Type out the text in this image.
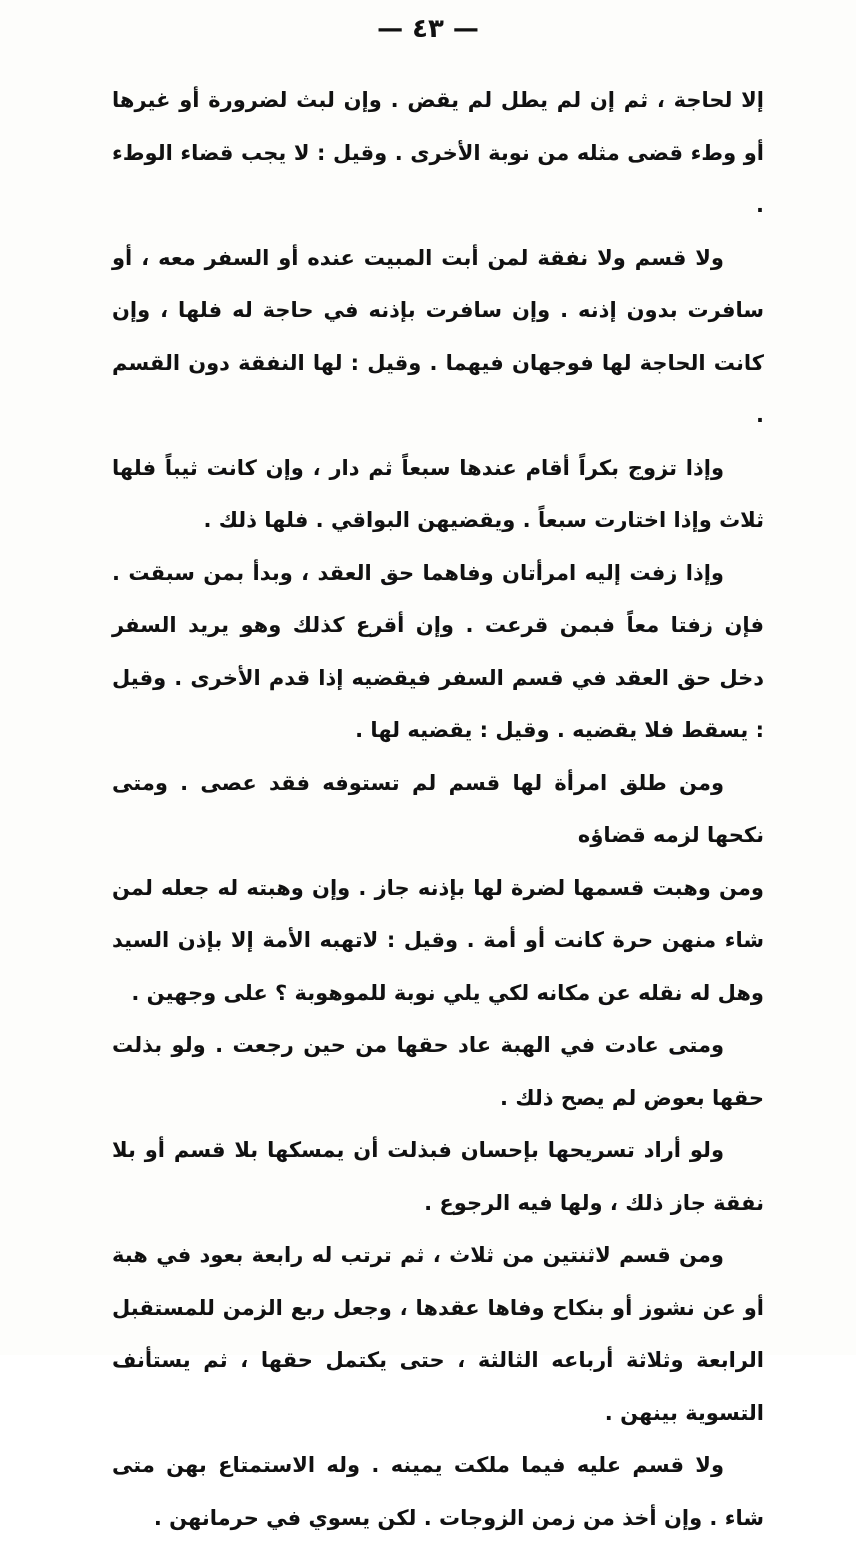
— ٤٣ —

إلا لحاجة ، ثم إن لم يطل لم يقض . وإن لبث لضرورة أو غيرها أو وطء قضى مثله من نوبة الأخرى . وقيل : لا يجب قضاء الوطء .

ولا قسم ولا نفقة لمن أبت المبيت عنده أو السفر معه ، أو سافرت بدون إذنه . وإن سافرت بإذنه في حاجة له فلها ، وإن كانت الحاجة لها فوجهان فيهما . وقيل : لها النفقة دون القسم .

وإذا تزوج بكراً أقام عندها سبعاً ثم دار ، وإن كانت ثيباً فلها ثلاث وإذا اختارت سبعاً . ويقضيهن البواقي . فلها ذلك .

وإذا زفت إليه امرأتان وفاهما حق العقد ، وبدأ بمن سبقت . فإن زفتا معاً فبمن قرعت . وإن أقرع كذلك وهو يريد السفر دخل حق العقد في قسم السفر فيقضيه إذا قدم الأخرى . وقيل : يسقط فلا يقضيه . وقيل : يقضيه لها .

ومن طلق امرأة لها قسم لم تستوفه فقد عصى . ومتى نكحها لزمه قضاؤه

ومن وهبت قسمها لضرة لها بإذنه جاز . وإن وهبته له جعله لمن شاء منهن حرة كانت أو أمة . وقيل : لاتهبه الأمة إلا بإذن السيد وهل له نقله عن مكانه لكي يلي نوبة للموهوبة ؟ على وجهين .

ومتى عادت في الهبة عاد حقها من حين رجعت . ولو بذلت حقها بعوض لم يصح ذلك .

ولو أراد تسريحها بإحسان فبذلت أن يمسكها بلا قسم أو بلا نفقة جاز ذلك ، ولها فيه الرجوع .

ومن قسم لاثنتين من ثلاث ، ثم ترتب له رابعة بعود في هبة أو عن نشوز أو بنكاح وفاها عقدها ، وجعل ربع الزمن للمستقبل الرابعة وثلاثة أرباعه الثالثة ، حتى يكتمل حقها ، ثم يستأنف التسوية بينهن .

ولا قسم عليه فيما ملكت يمينه . وله الاستمتاع بهن متى شاء . وإن أخذ من زمن الزوجات . لكن يسوي في حرمانهن .
